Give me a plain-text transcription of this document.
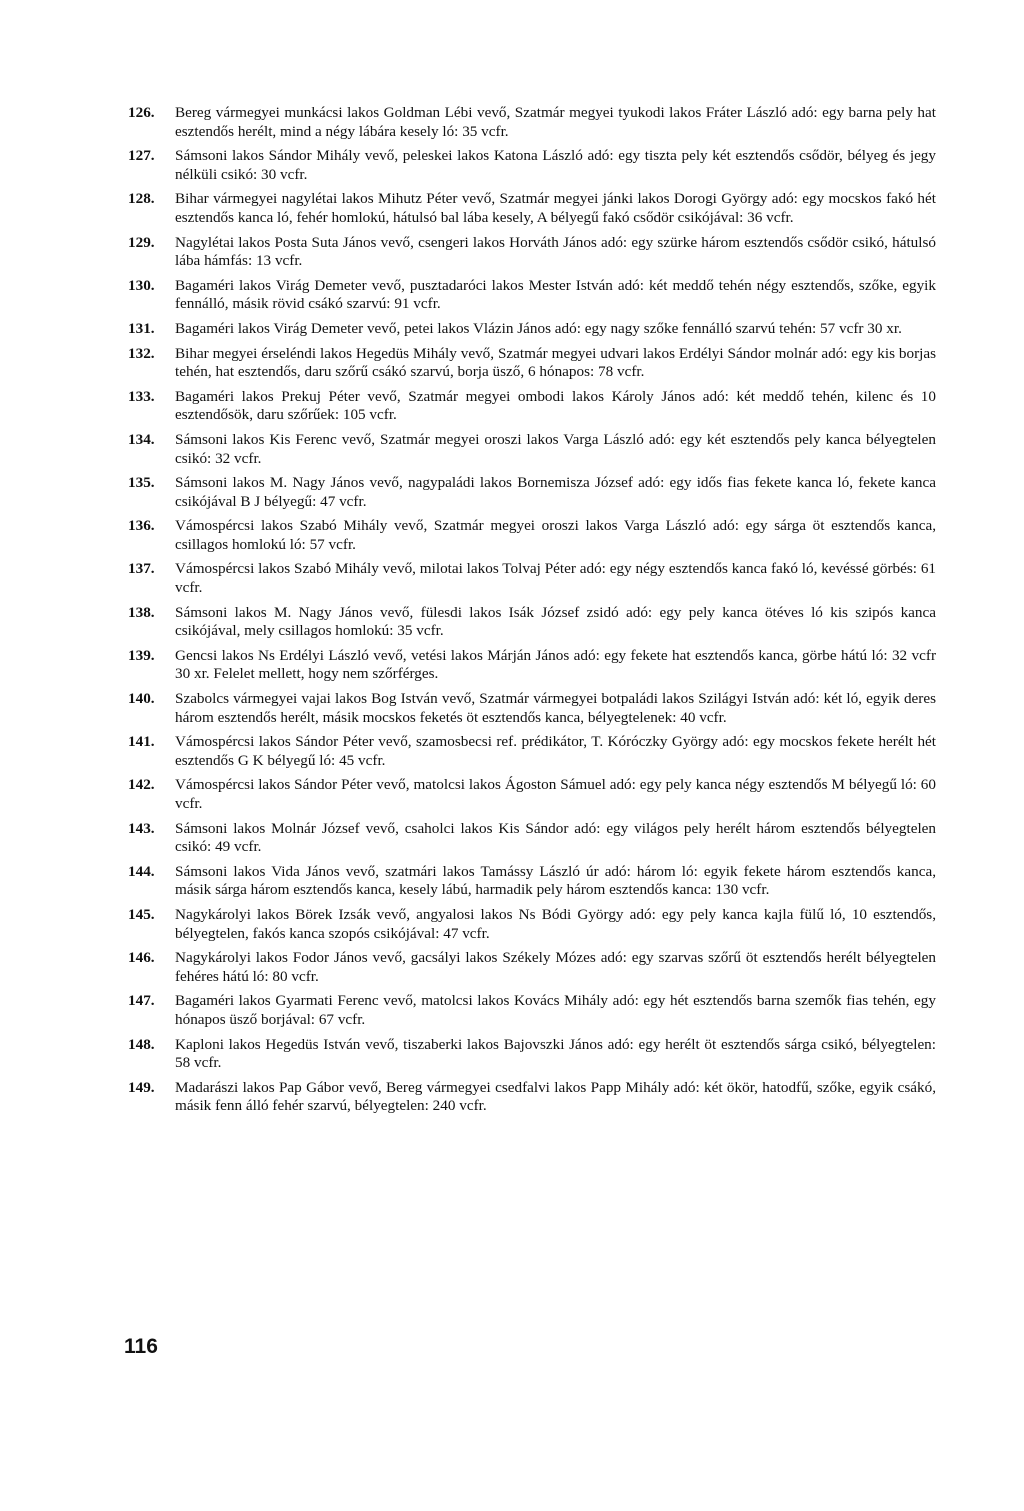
126.	Bereg vármegyei munkácsi lakos Goldman Lébi vevő, Szatmár megyei tyukodi lakos Fráter László adó: egy barna pely hat esztendős herélt, mind a négy lábára kesely ló: 35 vcfr.
127.	Sámsoni lakos Sándor Mihály vevő, peleskei lakos Katona László adó: egy tiszta pely két esztendős csődör, bélyeg és jegy nélküli csikó: 30 vcfr.
128.	Bihar vármegyei nagylétai lakos Mihutz Péter vevő, Szatmár megyei jánki lakos Dorogi György adó: egy mocskos fakó hét esztendős kanca ló, fehér homlokú, hátulsó bal lába kesely, A bélyegű fakó csődör csikójával: 36 vcfr.
129.	Nagylétai lakos Posta Suta János vevő, csengeri lakos Horváth János adó: egy szürke három esztendős csődör csikó, hátulsó lába hámfás: 13 vcfr.
130.	Bagaméri lakos Virág Demeter vevő, pusztadaróci lakos Mester István adó: két meddő tehén négy esztendős, szőke, egyik fennálló, másik rövid csákó szarvú: 91 vcfr.
131.	Bagaméri lakos Virág Demeter vevő, petei lakos Vlázin János adó: egy nagy szőke fennálló szarvú tehén: 57 vcfr 30 xr.
132.	Bihar megyei érseléndi lakos Hegedüs Mihály vevő, Szatmár megyei udvari lakos Erdélyi Sándor molnár adó: egy kis borjas tehén, hat esztendős, daru szőrű csákó szarvú, borja üsző, 6 hónapos: 78 vcfr.
133.	Bagaméri lakos Prekuj Péter vevő, Szatmár megyei ombodi lakos Károly János adó: két meddő tehén, kilenc és 10 esztendősök, daru szőrűek: 105 vcfr.
134.	Sámsoni lakos Kis Ferenc vevő, Szatmár megyei oroszi lakos Varga László adó: egy két esztendős pely kanca bélyegtelen csikó: 32 vcfr.
135.	Sámsoni lakos M. Nagy János vevő, nagypaládi lakos Bornemisza József adó: egy idős fias fekete kanca ló, fekete kanca csikójával B J bélyegű: 47 vcfr.
136.	Vámospércsi lakos Szabó Mihály vevő, Szatmár megyei oroszi lakos Varga László adó: egy sárga öt esztendős kanca, csillagos homlokú ló: 57 vcfr.
137.	Vámospércsi lakos Szabó Mihály vevő, milotai lakos Tolvaj Péter adó: egy négy esztendős kanca fakó ló, kevéssé görbés: 61 vcfr.
138.	Sámsoni lakos M. Nagy János vevő, fülesdi lakos Isák József zsidó adó: egy pely kanca ötéves ló kis szipós kanca csikójával, mely csillagos homlokú: 35 vcfr.
139.	Gencsi lakos Ns Erdélyi László vevő, vetési lakos Márján János adó: egy fekete hat esztendős kanca, görbe hátú ló: 32 vcfr 30 xr. Felelet mellett, hogy nem szőrférges.
140.	Szabolcs vármegyei vajai lakos Bog István vevő, Szatmár vármegyei botpaládi lakos Szilágyi István adó: két ló, egyik deres három esztendős herélt, másik mocskos feketés öt esztendős kanca, bélyegtelenek: 40 vcfr.
141.	Vámospércsi lakos Sándor Péter vevő, szamosbecsi ref. prédikátor, T. Kóróczky György adó: egy mocskos fekete herélt hét esztendős G K bélyegű ló: 45 vcfr.
142.	Vámospércsi lakos Sándor Péter vevő, matolcsi lakos Ágoston Sámuel adó: egy pely kanca négy esztendős M bélyegű ló: 60 vcfr.
143.	Sámsoni lakos Molnár József vevő, csaholci lakos Kis Sándor adó: egy világos pely herélt három esztendős bélyegtelen csikó: 49 vcfr.
144.	Sámsoni lakos Vida János vevő, szatmári lakos Tamássy László úr adó: három ló: egyik fekete három esztendős kanca, másik sárga három esztendős kanca, kesely lábú, harmadik pely három esztendős kanca: 130 vcfr.
145.	Nagykárolyi lakos Börek Izsák vevő, angyalosi lakos Ns Bódi György adó: egy pely kanca kajla fülű ló, 10 esztendős, bélyegtelen, fakós kanca szopós csikójával: 47 vcfr.
146.	Nagykárolyi lakos Fodor János vevő, gacsályi lakos Székely Mózes adó: egy szarvas szőrű öt esztendős herélt bélyegtelen fehéres hátú ló: 80 vcfr.
147.	Bagaméri lakos Gyarmati Ferenc vevő, matolcsi lakos Kovács Mihály adó: egy hét esztendős barna szemők fias tehén, egy hónapos üsző borjával: 67 vcfr.
148.	Kaploni lakos Hegedüs István vevő, tiszaberki lakos Bajovszki János adó: egy herélt öt esztendős sárga csikó, bélyegtelen: 58 vcfr.
149.	Madarászi lakos Pap Gábor vevő, Bereg vármegyei csedfalvi lakos Papp Mihály adó: két ökör, hatodfű, szőke, egyik csákó, másik fenn álló fehér szarvú, bélyegtelen: 240 vcfr.
116
